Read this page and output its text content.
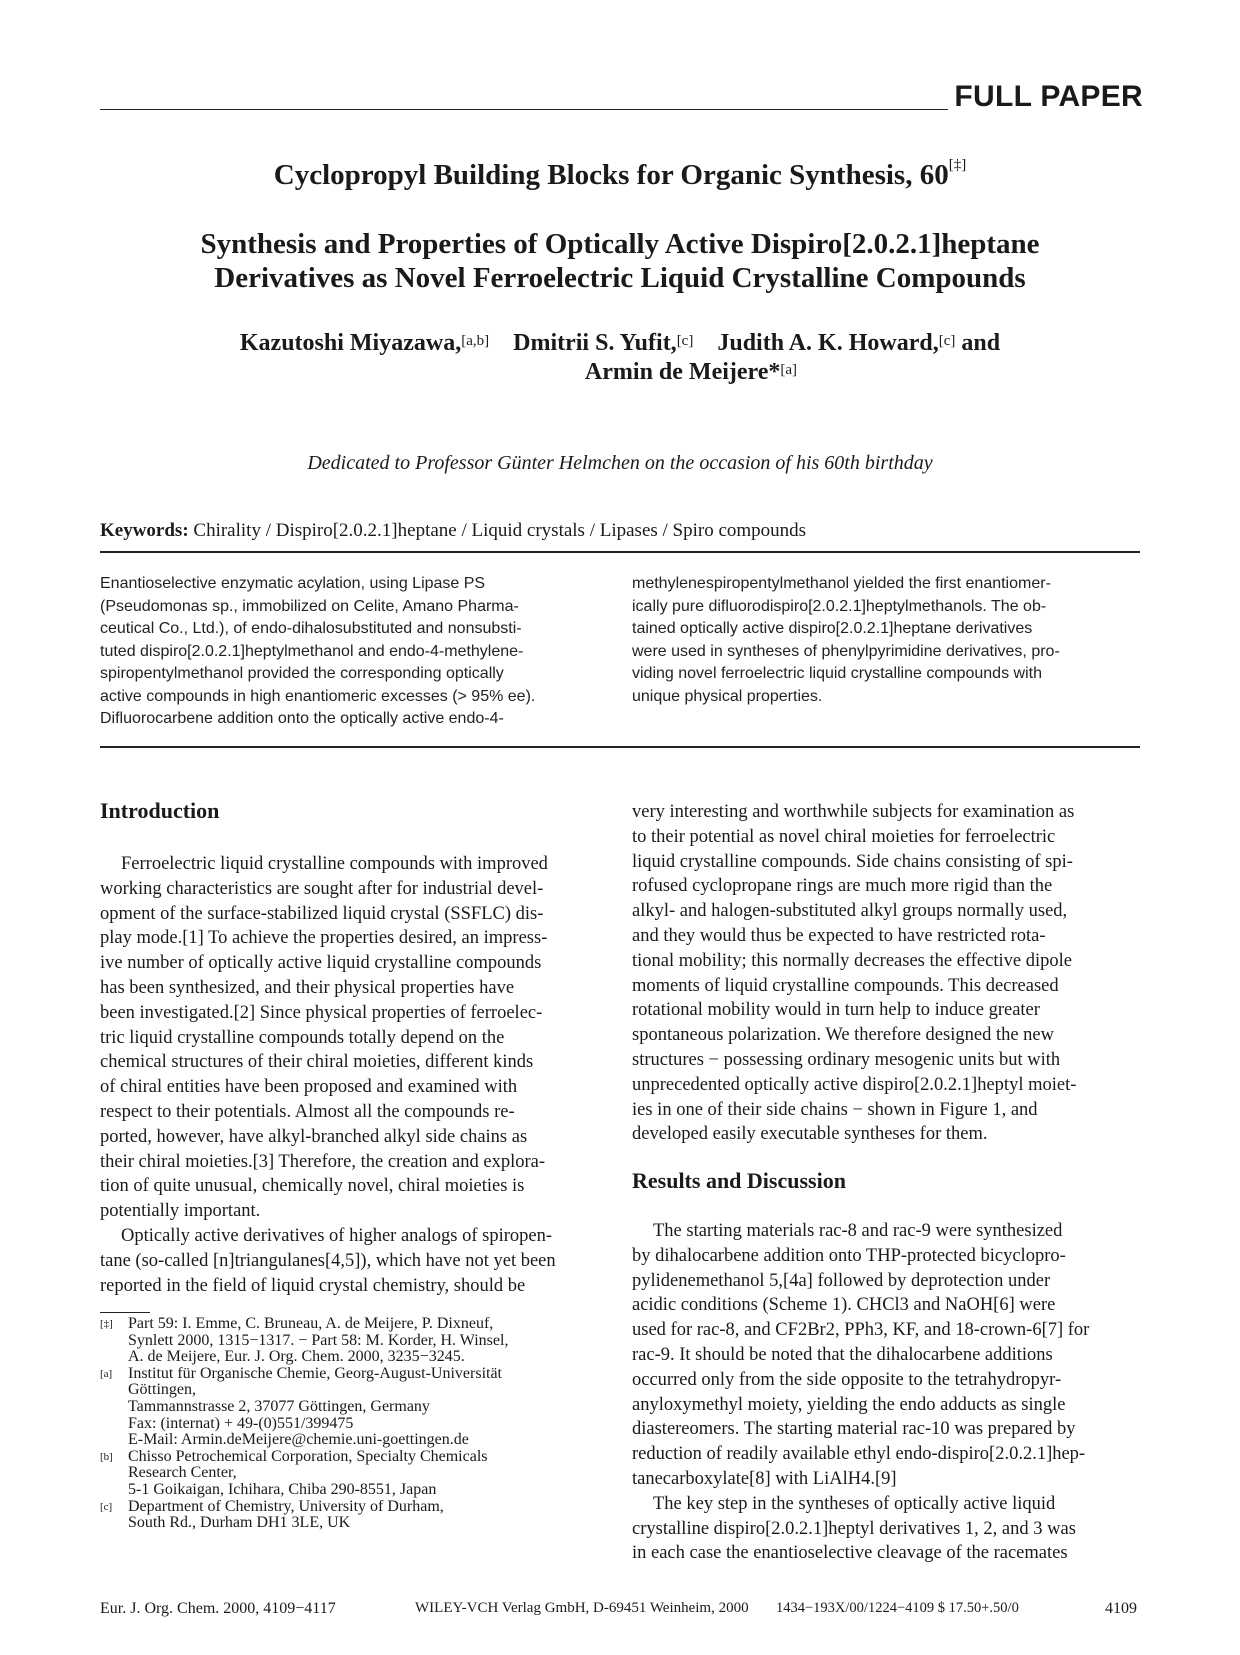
FULL PAPER
Cyclopropyl Building Blocks for Organic Synthesis, 60[‡]
Synthesis and Properties of Optically Active Dispiro[2.0.2.1]heptane
Derivatives as Novel Ferroelectric Liquid Crystalline Compounds
Kazutoshi Miyazawa,[a,b] Dmitrii S. Yufit,[c] Judith A. K. Howard,[c] and
Armin de Meijere*[a]
Dedicated to Professor Günter Helmchen on the occasion of his 60th birthday
Keywords: Chirality / Dispiro[2.0.2.1]heptane / Liquid crystals / Lipases / Spiro compounds
Enantioselective enzymatic acylation, using Lipase PS
(Pseudomonas sp., immobilized on Celite, Amano Pharma-
ceutical Co., Ltd.), of endo-dihalosubstituted and nonsubsti-
tuted dispiro[2.0.2.1]heptylmethanol and endo-4-methylene-
spiropentylmethanol provided the corresponding optically
active compounds in high enantiomeric excesses (> 95% ee).
Difluorocarbene addition onto the optically active endo-4-
methylenespiropentylmethanol yielded the first enantiomer-
ically pure difluorodispiro[2.0.2.1]heptylmethanols. The ob-
tained optically active dispiro[2.0.2.1]heptane derivatives
were used in syntheses of phenylpyrimidine derivatives, pro-
viding novel ferroelectric liquid crystalline compounds with
unique physical properties.
Introduction
Ferroelectric liquid crystalline compounds with improved
working characteristics are sought after for industrial devel-
opment of the surface-stabilized liquid crystal (SSFLC) dis-
play mode.[1] To achieve the properties desired, an impress-
ive number of optically active liquid crystalline compounds
has been synthesized, and their physical properties have
been investigated.[2] Since physical properties of ferroelec-
tric liquid crystalline compounds totally depend on the
chemical structures of their chiral moieties, different kinds
of chiral entities have been proposed and examined with
respect to their potentials. Almost all the compounds re-
ported, however, have alkyl-branched alkyl side chains as
their chiral moieties.[3] Therefore, the creation and explora-
tion of quite unusual, chemically novel, chiral moieties is
potentially important.
Optically active derivatives of higher analogs of spiropen-
tane (so-called [n]triangulanes[4,5]), which have not yet been
reported in the field of liquid crystal chemistry, should be
very interesting and worthwhile subjects for examination as
to their potential as novel chiral moieties for ferroelectric
liquid crystalline compounds. Side chains consisting of spi-
rofused cyclopropane rings are much more rigid than the
alkyl- and halogen-substituted alkyl groups normally used,
and they would thus be expected to have restricted rota-
tional mobility; this normally decreases the effective dipole
moments of liquid crystalline compounds. This decreased
rotational mobility would in turn help to induce greater
spontaneous polarization. We therefore designed the new
structures − possessing ordinary mesogenic units but with
unprecedented optically active dispiro[2.0.2.1]heptyl moiet-
ies in one of their side chains − shown in Figure 1, and
developed easily executable syntheses for them.
Results and Discussion
The starting materials rac-8 and rac-9 were synthesized
by dihalocarbene addition onto THP-protected bicyclopro-
pylidenemethanol 5,[4a] followed by deprotection under
acidic conditions (Scheme 1). CHCl3 and NaOH[6] were
used for rac-8, and CF2Br2, PPh3, KF, and 18-crown-6[7] for
rac-9. It should be noted that the dihalocarbene additions
occurred only from the side opposite to the tetrahydropyr-
anyloxymethyl moiety, yielding the endo adducts as single
diastereomers. The starting material rac-10 was prepared by
reduction of readily available ethyl endo-dispiro[2.0.2.1]hep-
tanecarboxylate[8] with LiAlH4.[9]
The key step in the syntheses of optically active liquid
crystalline dispiro[2.0.2.1]heptyl derivatives 1, 2, and 3 was
in each case the enantioselective cleavage of the racemates
[‡] Part 59: I. Emme, C. Bruneau, A. de Meijere, P. Dixneuf,
Synlett 2000, 1315−1317. − Part 58: M. Korder, H. Winsel,
A. de Meijere, Eur. J. Org. Chem. 2000, 3235−3245.
[a] Institut für Organische Chemie, Georg-August-Universität
Göttingen,
Tammannstrasse 2, 37077 Göttingen, Germany
Fax: (internat) + 49-(0)551/399475
E-Mail: Armin.deMeijere@chemie.uni-goettingen.de
[b] Chisso Petrochemical Corporation, Specialty Chemicals
Research Center,
5-1 Goikaigan, Ichihara, Chiba 290-8551, Japan
[c] Department of Chemistry, University of Durham,
South Rd., Durham DH1 3LE, UK
Eur. J. Org. Chem. 2000, 4109−4117	WILEY-VCH Verlag GmbH, D-69451 Weinheim, 2000 1434−193X/00/1224−4109 $ 17.50+.50/0	4109
